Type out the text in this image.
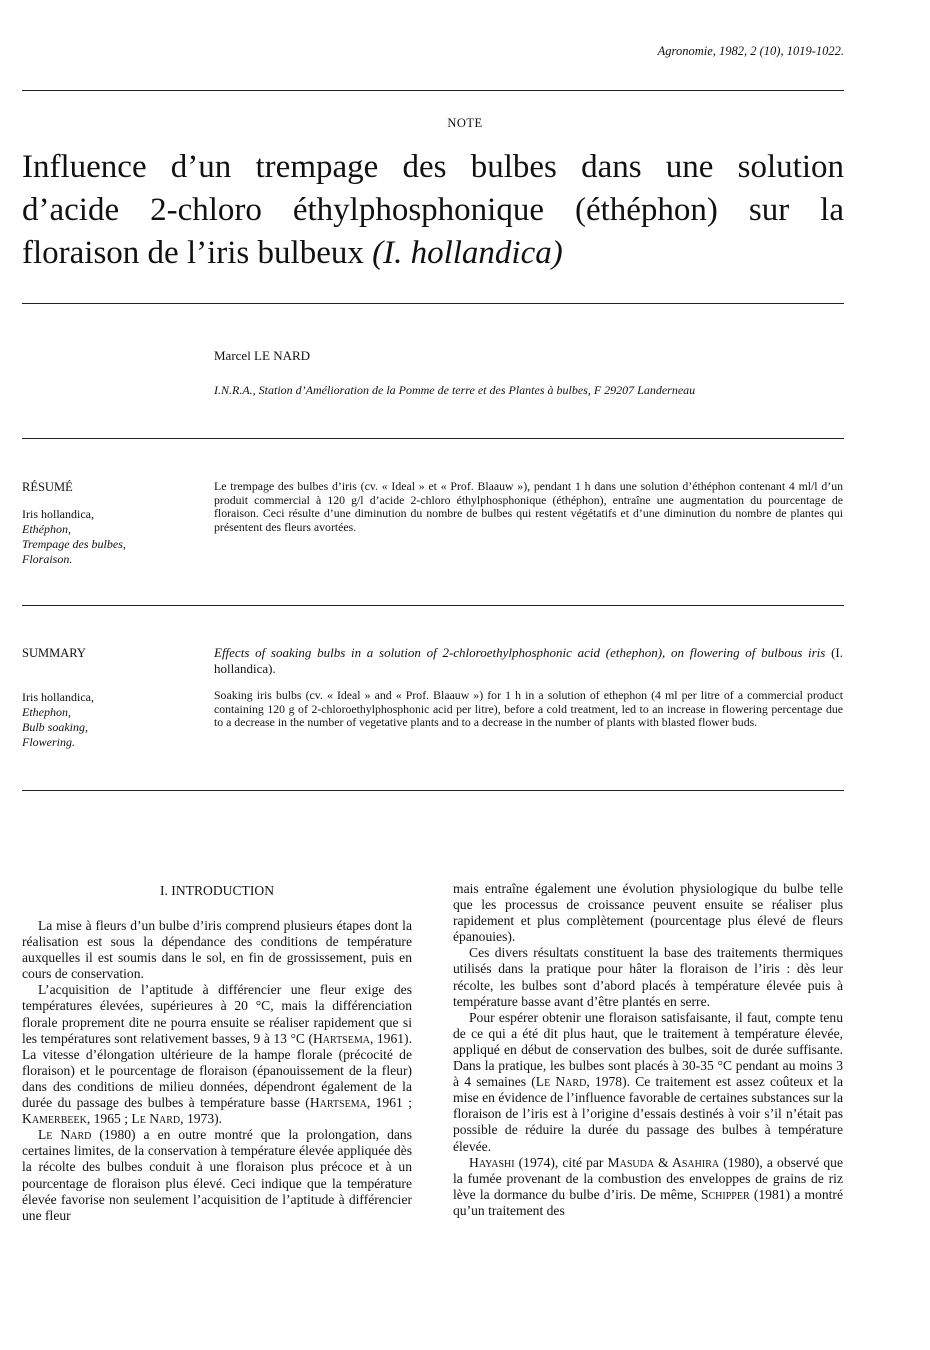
Agronomie, 1982, 2 (10), 1019-1022.
NOTE
Influence d’un trempage des bulbes dans une solution
d’acide 2-chloro éthylphosphonique (éthéphon) sur la
floraison de l’iris bulbeux (I. hollandica)
Marcel LE NARD
I.N.R.A., Station d’Amélioration de la Pomme de terre et des Plantes à bulbes, F 29207 Landerneau
RÉSUMÉ
Iris hollandica,
Ethéphon,
Trempage des bulbes,
Floraison.
Le trempage des bulbes d’iris (cv. « Ideal » et « Prof. Blaauw »), pendant 1 h dans une solution d’éthéphon contenant 4 ml/l d’un produit commercial à 120 g/l d’acide 2-chloro éthylphosphonique (éthéphon), entraîne une augmentation du pourcentage de floraison. Ceci résulte d’une diminution du nombre de bulbes qui restent végétatifs et d’une diminution du nombre de plantes qui présentent des fleurs avortées.
SUMMARY	Effects of soaking bulbs in a solution of 2-chloroethylphosphonic acid (ethephon), on flowering of bulbous iris (I. hollandica).
Iris hollandica,
Ethephon,
Bulb soaking,
Flowering.
Soaking iris bulbs (cv. « Ideal » and « Prof. Blaauw ») for 1 h in a solution of ethephon (4 ml per litre of a commercial product containing 120 g of 2-chloroethylphosphonic acid per litre), before a cold treatment, led to an increase in flowering percentage due to a decrease in the number of vegetative plants and to a decrease in the number of plants with blasted flower buds.
I. INTRODUCTION

La mise à fleurs d’un bulbe d’iris comprend plusieurs étapes dont la réalisation est sous la dépendance des conditions de température auxquelles il est soumis dans le sol, en fin de grossissement, puis en cours de conservation.

L’acquisition de l’aptitude à différencier une fleur exige des températures élevées, supérieures à 20 °C, mais la différenciation florale proprement dite ne pourra ensuite se réaliser rapidement que si les températures sont relativement basses, 9 à 13 °C (Hartsema, 1961). La vitesse d’élongation ultérieure de la hampe florale (précocité de floraison) et le pourcentage de floraison (épanouissement de la fleur) dans des conditions de milieu données, dépendront également de la durée du passage des bulbes à température basse (Hartsema, 1961 ; Kamerbeek, 1965 ; Le Nard, 1973).

Le Nard (1980) a en outre montré que la prolongation, dans certaines limites, de la conservation à température élevée appliquée dès la récolte des bulbes conduit à une floraison plus précoce et à un pourcentage de floraison plus élevé. Ceci indique que la température élevée favorise non seulement l’acquisition de l’aptitude à différencier une fleur

mais entraîne également une évolution physiologique du bulbe telle que les processus de croissance peuvent ensuite se réaliser plus rapidement et plus complètement (pourcentage plus élevé de fleurs épanouies).

Ces divers résultats constituent la base des traitements thermiques utilisés dans la pratique pour hâter la floraison de l’iris : dès leur récolte, les bulbes sont d’abord placés à température élevée puis à température basse avant d’être plantés en serre.

Pour espérer obtenir une floraison satisfaisante, il faut, compte tenu de ce qui a été dit plus haut, que le traitement à température élevée, appliqué en début de conservation des bulbes, soit de durée suffisante. Dans la pratique, les bulbes sont placés à 30-35 °C pendant au moins 3 à 4 semaines (Le Nard, 1978). Ce traitement est assez coûteux et la mise en évidence de l’influence favorable de certaines substances sur la floraison de l’iris est à l’origine d’essais destinés à voir s’il n’était pas possible de réduire la durée du passage des bulbes à température élevée.

Hayashi (1974), cité par Masuda & Asahira (1980), a observé que la fumée provenant de la combustion des enveloppes de grains de riz lève la dormance du bulbe d’iris. De même, Schipper (1981) a montré qu’un traitement des
